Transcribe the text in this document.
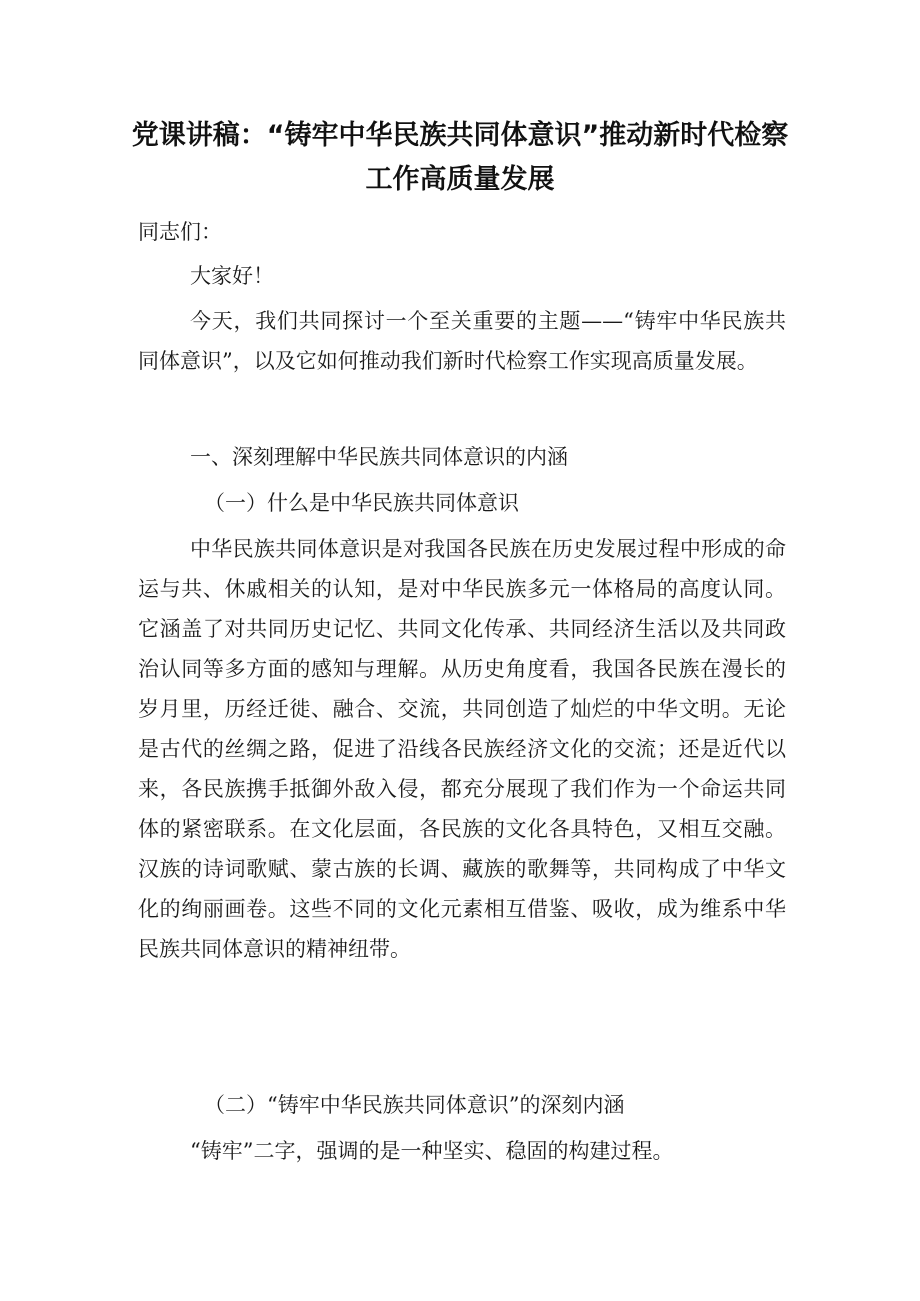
党课讲稿：“铸牢中华民族共同体意识”推动新时代检察工作高质量发展

同志们：

大家好！

今天，我们共同探讨一个至关重要的主题——“铸牢中华民族共同体意识”，以及它如何推动我们新时代检察工作实现高质量发展。

一、深刻理解中华民族共同体意识的内涵

（一）什么是中华民族共同体意识

中华民族共同体意识是对我国各民族在历史发展过程中形成的命运与共、休戚相关的认知，是对中华民族多元一体格局的高度认同。它涵盖了对共同历史记忆、共同文化传承、共同经济生活以及共同政治认同等多方面的感知与理解。从历史角度看，我国各民族在漫长的岁月里，历经迁徙、融合、交流，共同创造了灿烂的中华文明。无论是古代的丝绸之路，促进了沿线各民族经济文化的交流；还是近代以来，各民族携手抵御外敌入侵，都充分展现了我们作为一个命运共同体的紧密联系。在文化层面，各民族的文化各具特色，又相互交融。汉族的诗词歌赋、蒙古族的长调、藏族的歌舞等，共同构成了中华文化的绚丽画卷。这些不同的文化元素相互借鉴、吸收，成为维系中华民族共同体意识的精神纽带。

（二）“铸牢中华民族共同体意识”的深刻内涵

“铸牢”二字，强调的是一种坚实、稳固的构建过程。
